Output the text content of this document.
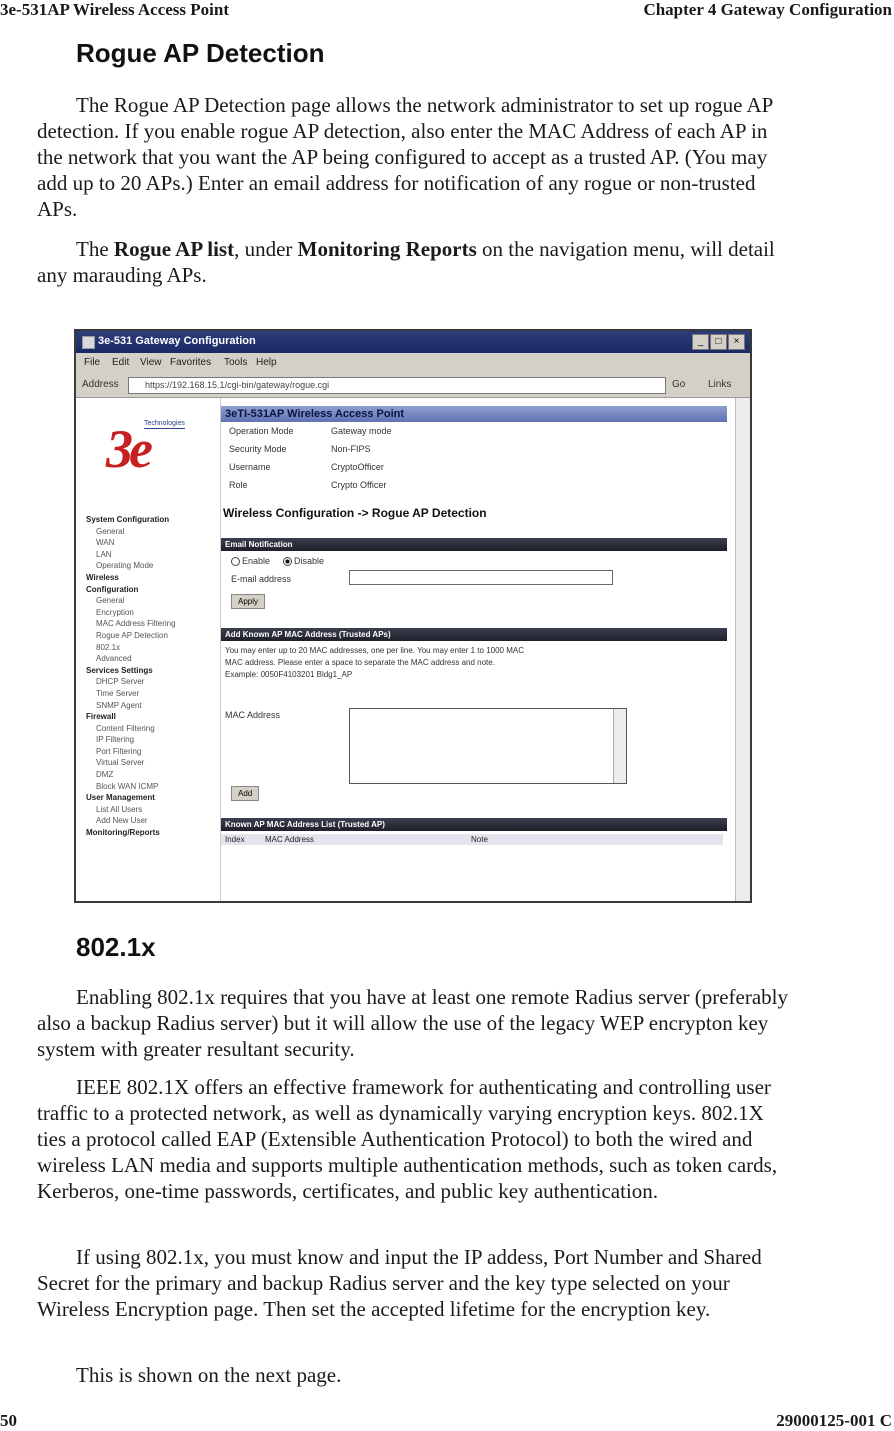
3e-531AP Wireless Access Point	Chapter 4 Gateway Configuration
Rogue AP Detection

The Rogue AP Detection page allows the network administrator to set up rogue AP detection. If you enable rogue AP detection, also enter the MAC Address of each AP in the network that you want the AP being configured to accept as a trusted AP. (You may add up to 20 APs.) Enter an email address for notification of any rogue or non-trusted APs.

The Rogue AP list, under Monitoring Reports on the navigation menu, will detail any marauding APs.

3e-531 Gateway Configuration	_	□	×
File Edit View Favorites Tools Help
Address	https://192.168.15.1/cgi-bin/gateway/rogue.cgi	Go Links
3e
Technologies
System Configuration
General
WAN
LAN
Operating Mode
Wireless
Configuration
General
Encryption
MAC Address Filtering
Rogue AP Detection
802.1x
Advanced
Services Settings
DHCP Server
Time Server
SNMP Agent
Firewall
Content Filtering
IP Filtering
Port Filtering
Virtual Server
DMZ
Block WAN ICMP
User Management
List All Users
Add New User
Monitoring/Reports
3eTI-531AP Wireless Access Point
Operation Mode	Gateway mode
Security Mode	Non-FIPS
Username	CryptoOfficer
Role	Crypto Officer
Wireless Configuration -> Rogue AP Detection
Email Notification
Enable	Disable
E-mail address
Apply
Add Known AP MAC Address (Trusted APs)
You may enter up to 20 MAC addresses, one per line. You may enter 1 to 1000 MAC
MAC address. Please enter a space to separate the MAC address and note.
Example: 0050F4103201 Bldg1_AP
MAC Address
Add
Known AP MAC Address List (Trusted AP)
Index	MAC Address	Note
802.1x

Enabling 802.1x requires that you have at least one remote Radius server (preferably also a backup Radius server) but it will allow the use of the legacy WEP encrypton key system with greater resultant security.

IEEE 802.1X offers an effective framework for authenticating and controlling user traffic to a protected network, as well as dynamically varying encryption keys. 802.1X ties a protocol called EAP (Extensible Authentication Protocol) to both the wired and wireless LAN media and supports multiple authentication methods, such as token cards, Kerberos, one-time passwords, certificates, and public key authentication.

If using 802.1x, you must know and input the IP addess, Port Number and Shared Secret for the primary and backup Radius server and the key type selected on your Wireless Encryption page. Then set the accepted lifetime for the encryption key.

This is shown on the next page.

50	29000125-001 C
